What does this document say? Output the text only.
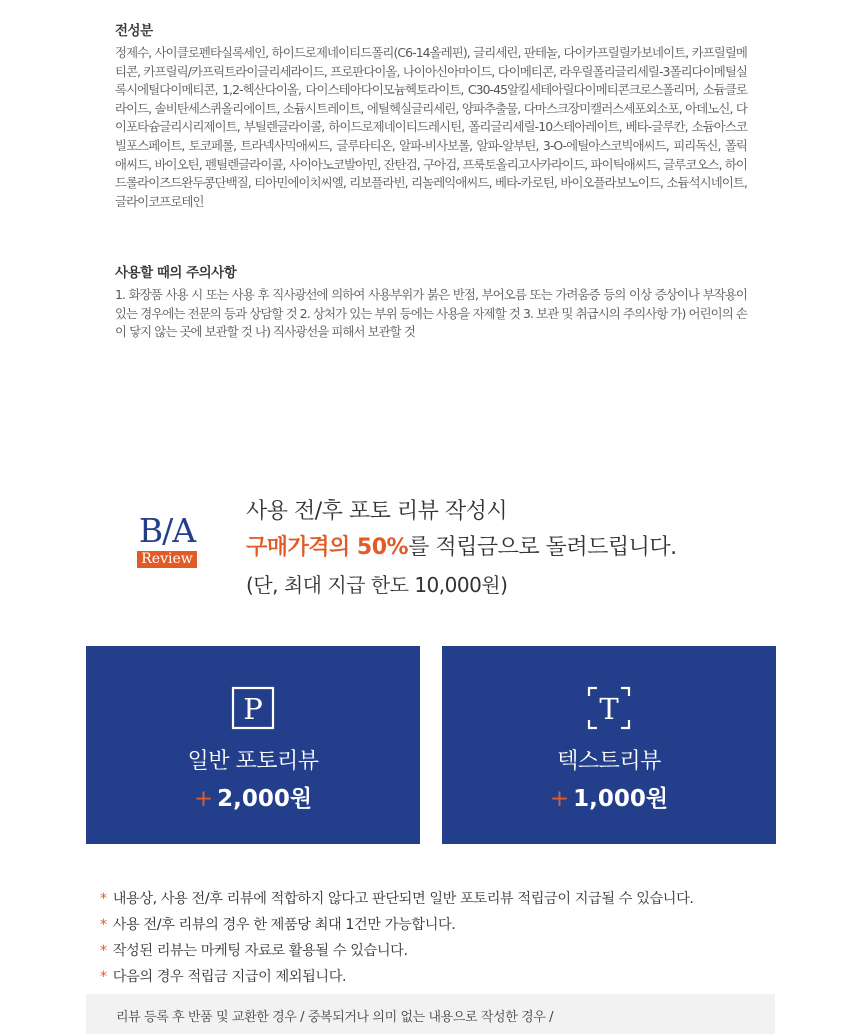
전성분

정제수, 사이클로펜타실록세인, 하이드로제네이티드폴리(C6-14올레핀), 글리세린, 판테놀, 다이카프릴릴카보네이트, 카프릴릴메티콘, 카프릴릭/카프릭트라이글리세라이드, 프로판다이올, 나이아신아마이드, 다이메티콘, 라우릴폴리글리세릴-3폴리다이메틸실록시에틸다이메티콘, 1,2-헥산다이올, 다이스테아다이모늄헥토라이트, C30-45알킬세테아릴다이메티콘크로스폴리머, 소듐클로라이드, 솔비탄세스퀴올리에이트, 소듐시트레이트, 에틸헥실글리세린, 양파추출물, 다마스크장미캘러스세포외소포, 아데노신, 다이포타슘글리시리제이트, 부틸렌글라이콜, 하이드로제네이티드레시틴, 폴리글리세릴-10스테아레이트, 베타-글루칸, 소듐아스코빌포스페이트, 토코페롤, 트라넥사믹애씨드, 글루타티온, 알파-비사보롤, 알파-알부틴, 3-O-에틸아스코빅애씨드, 피리독신, 폴릭애씨드, 바이오틴, 펜틸렌글라이콜, 사이아노코발아민, 잔탄검, 구아검, 프룩토올리고사카라이드, 파이틱애씨드, 글루코오스, 하이드롤라이즈드완두콩단백질, 티아민에이치씨엘, 리보플라빈, 리놀레익애씨드, 베타-카로틴, 바이오플라보노이드, 소듐석시네이트, 글라이코프로테인

사용할 때의 주의사항

1. 화장품 사용 시 또는 사용 후 직사광선에 의하여 사용부위가 붉은 반점, 부어오름 또는 가려움증 등의 이상 증상이나 부작용이 있는 경우에는 전문의 등과 상담할 것 2. 상처가 있는 부위 등에는 사용을 자제할 것 3. 보관 및 취급시의 주의사항 가) 어린이의 손이 닿지 않는 곳에 보관할 것 나) 직사광선을 피해서 보관할 것

B/A
Review
사용 전/후 포토 리뷰 작성시
구매가격의 50%를 적립금으로 돌려드립니다.
(단, 최대 지급 한도 10,000원)
P
일반 포토리뷰
+ 2,000원
T
텍스트리뷰
+ 1,000원
* 내용상, 사용 전/후 리뷰에 적합하지 않다고 판단되면 일반 포토리뷰 적립금이 지급될 수 있습니다.
* 사용 전/후 리뷰의 경우 한 제품당 최대 1건만 가능합니다.
* 작성된 리뷰는 마케팅 자료로 활용될 수 있습니다.
* 다음의 경우 적립금 지급이 제외됩니다.
리뷰 등록 후 반품 및 교환한 경우 / 중복되거나 의미 없는 내용으로 작성한 경우 /
